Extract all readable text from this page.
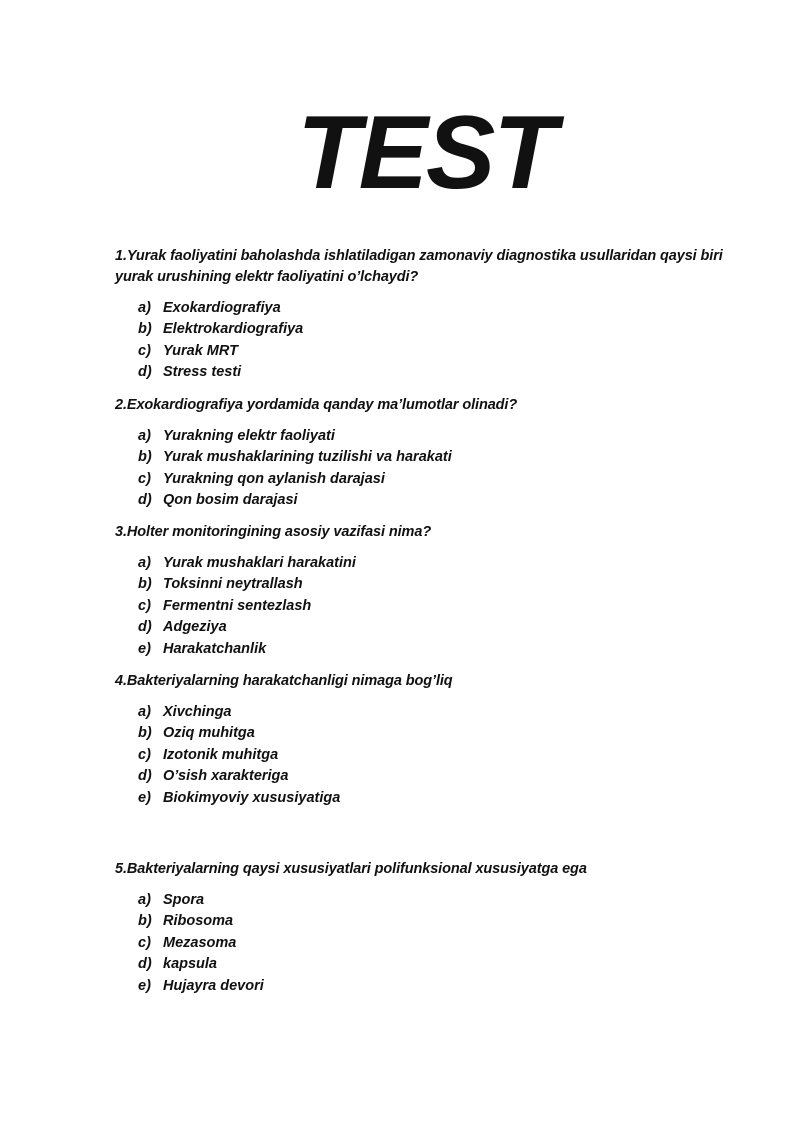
TEST

1.Yurak faoliyatini baholashda ishlatiladigan zamonaviy diagnostika usullaridan qaysi biri yurak urushining elektr faoliyatini o’lchaydi?

a) Exokardiografiya
b) Elektrokardiografiya
c) Yurak MRT
d) Stress testi

2.Exokardiografiya yordamida qanday ma’lumotlar olinadi?

a) Yurakning elektr faoliyati
b) Yurak mushaklarining tuzilishi va harakati
c) Yurakning qon aylanish darajasi
d) Qon bosim darajasi

3.Holter monitoringining asosiy vazifasi nima?

a) Yurak mushaklari harakatini
b) Toksinni neytrallash
c) Fermentni sentezlash
d) Adgeziya
e) Harakatchanlik

4.Bakteriyalarning harakatchanligi nimaga bog’liq

a) Xivchinga
b) Oziq muhitga
c) Izotonik muhitga
d) O’sish xarakteriga
e) Biokimyoviy xususiyatiga

5.Bakteriyalarning qaysi xususiyatlari polifunksional xususiyatga ega

a) Spora
b) Ribosoma
c) Mezasoma
d) kapsula
e) Hujayra devori
